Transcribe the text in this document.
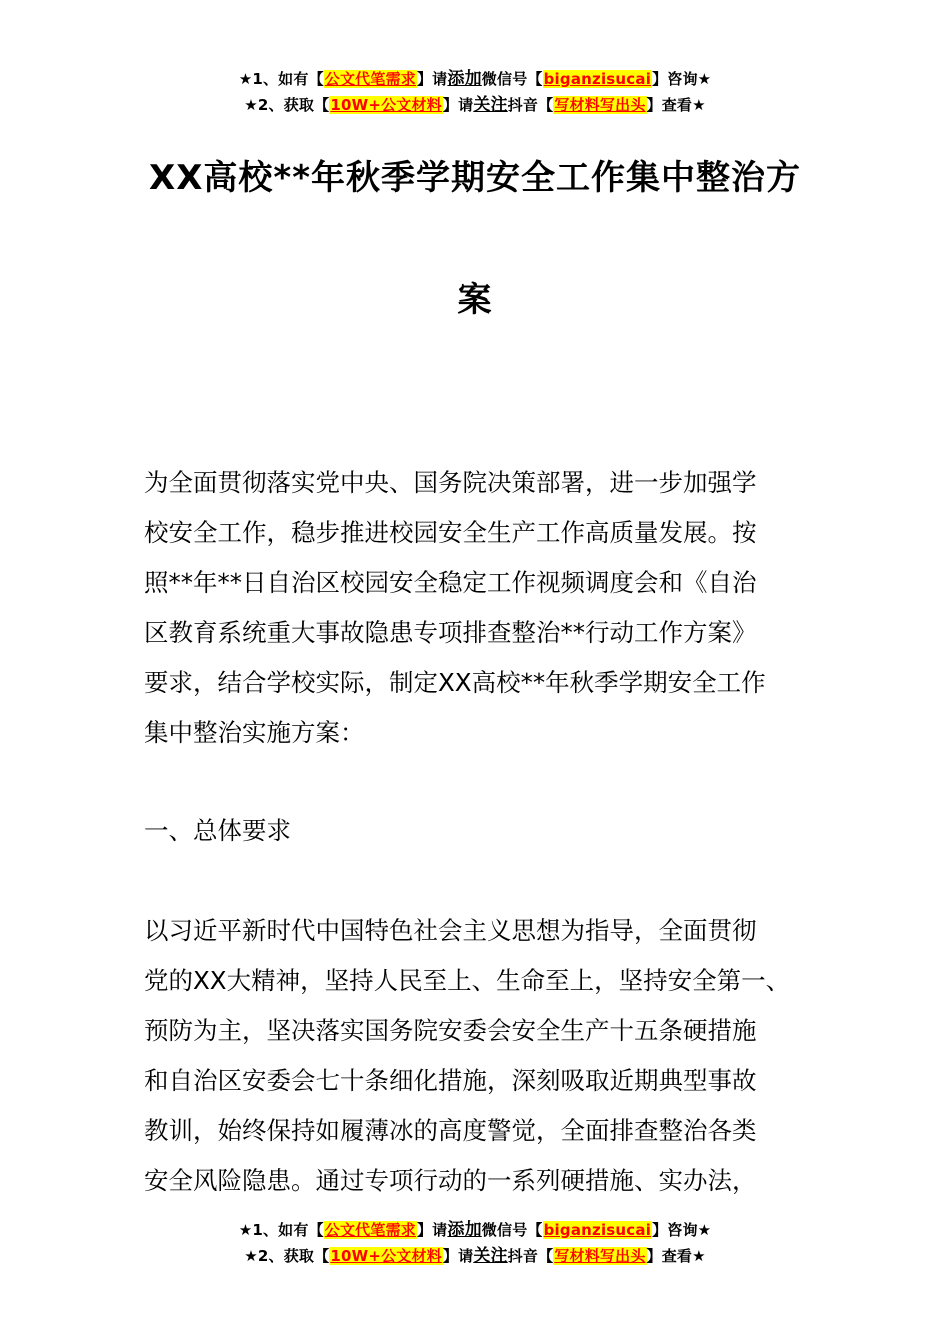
★1、如有【公文代笔需求】请添加微信号【biganzisucai】咨询★
★2、获取【10W+公文材料】请关注抖音【写材料写出头】查看★
XX高校**年秋季学期安全工作集中整治方
案
为全面贯彻落实党中央、国务院决策部署，进一步加强学
校安全工作，稳步推进校园安全生产工作高质量发展。按
照**年**日自治区校园安全稳定工作视频调度会和《自治
区教育系统重大事故隐患专项排查整治**行动工作方案》
要求，结合学校实际，制定XX高校**年秋季学期安全工作
集中整治实施方案：
一、总体要求
以习近平新时代中国特色社会主义思想为指导，全面贯彻
党的XX大精神，坚持人民至上、生命至上，坚持安全第一、
预防为主，坚决落实国务院安委会安全生产十五条硬措施
和自治区安委会七十条细化措施，深刻吸取近期典型事故
教训，始终保持如履薄冰的高度警觉，全面排查整治各类
安全风险隐患。通过专项行动的一系列硬措施、实办法，
★1、如有【公文代笔需求】请添加微信号【biganzisucai】咨询★
★2、获取【10W+公文材料】请关注抖音【写材料写出头】查看★
